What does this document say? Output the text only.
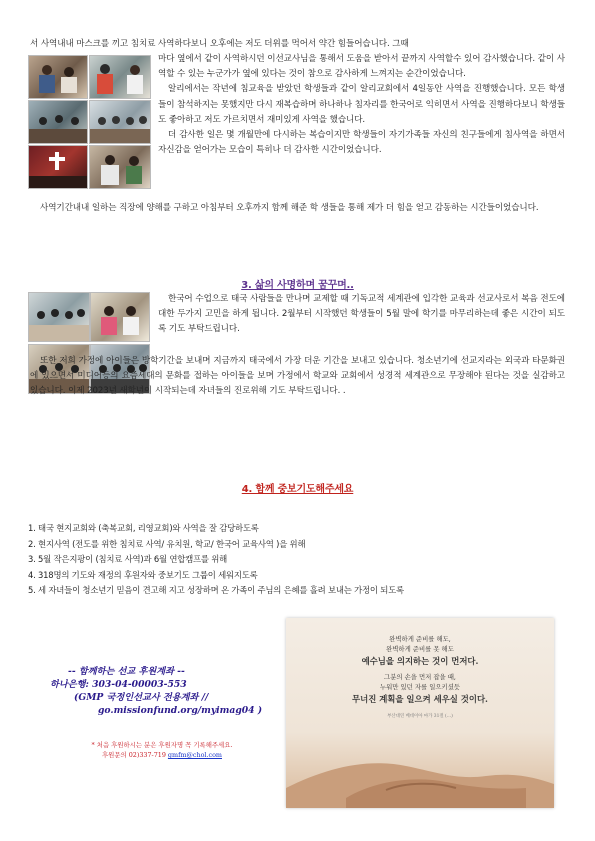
서 사역내내 마스크를 끼고 침치료 사역하다보니 오후에는 저도 더위를 먹어서 약간 힘들어습니다. 그때

마다 옆에서 같이 사역하시던 이선교사님을 통해서 도움을 받아서 끝까지 사역할수 있어 감사했습니다. 같이 사역할 수 있는 누군가가 옆에 있다는 것이 참으로 감사하게 느껴지는 순간이었습니다.

알리에서는 작년에 침교육을 받았던 학생들과 같이 알리교회에서 4일동안 사역을 진행했습니다. 모든 학생들이 참석하지는 못했지만 다시 재복습하며 하나하나 침자리를 한국어로 익히면서 사역을 진행하다보니 학생들도 좋아하고 저도 가르치면서 재미있게 사역을 했습니다.

더 감사한 일은 몇 개월만에 다시하는 복습이지만 학생들이 자기가족들 자신의 친구들에게 침사역을 하면서 자신감을 얻어가는 모습이 특히나 더 감사한 시간이었습니다.

사역기간내내 일하는 직장에 양해를 구하고 아침부터 오후까지 함께 해준 학 생들을 통해 제가 더 힘을 얻고 감동하는 시간들이었습니다.

3. 삶의 사명하며 꿈꾸며..

한국어 수업으로 태국 사람들을 만나며 교제할 때 기독교적 세계관에 입각한 교육과 선교사로서 복음 전도에 대한 두가지 고민을 하게 됩니다. 2월부터 시작했던 학생들이 5월 말에 학기를 마무리하는데 좋은 시간이 되도록 기도 부탁드립니다.

또한 저희 가정에 아이들은 방학기간을 보내며 지금까지 태국에서 가장 더운 기간을 보내고 있습니다. 청소년기에 선교지라는 외국과 타문화권에 있으면서 미디어등의 요즘세대의 문화를 접하는 아이들을 보며 가정에서 학교와 교회에서 성경적 세계관으로 무장해야 된다는 것을 실감하고 있습니다. 이제 2023년 새학년이 시작되는데 자녀들의 진로위해 기도 부탁드립니다. .

4. 함께 중보기도해주세요
1. 태국 현지교회와 (축복교회, 리영교회)와 사역을 잘 감당하도록
2. 현지사역 (전도를 위한 침치료 사역/ 유치원, 학교/ 한국어 교육사역 )을 위해
3. 5월 작은지팡이 (침치료 사역)과 6월 연합캠프를 위해
4. 318명의 기도와 재정의 후원자와 중보기도 그룹이 세워지도록
5. 세 자녀들이 청소년기 믿음이 견고해 지고 성장하며 온 가족이 주님의 은혜를 흘려 보내는 가정이 되도록
-- 함께하는 선교 후원계좌 --
하나은행: 303-04-00003-553
(GMP 국정인선교사 전용계좌 //
go.missionfund.org/myimag04 )
* 처음 후원하시는 분은 후원자명 꼭 기록해주세요.
후원문의 02)337-719 gmfm@chol.com
완벽하게 준비를 해도,
완벽하게 준비를 못 해도
예수님을 의지하는 것이 먼저다.
그분의 손을 먼저 잡을 때,
누워만 있던 자를 일으키셨듯
무너진 계획을 일으켜 세우실 것이다.
부산대연 베데이아 마가 31절 (…)
